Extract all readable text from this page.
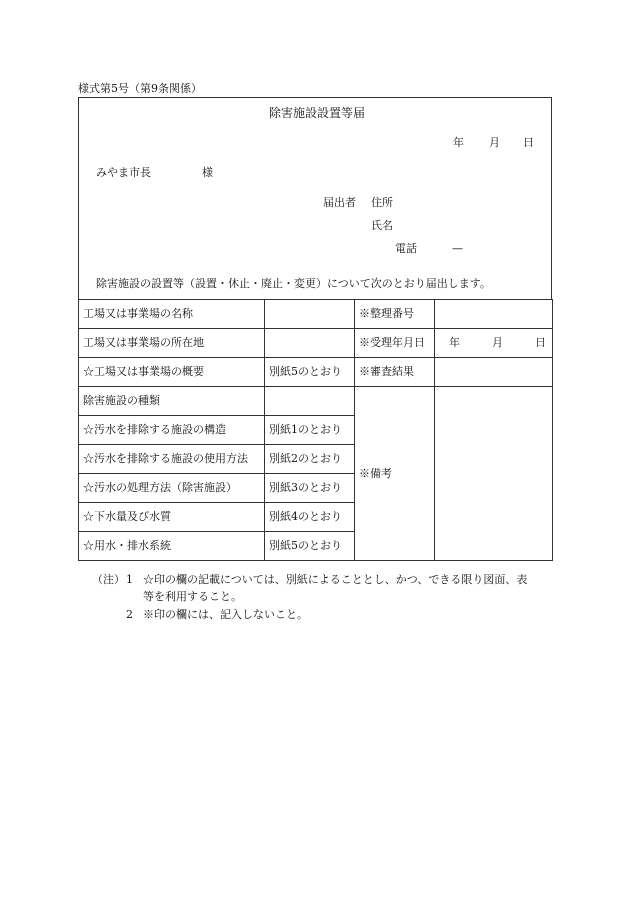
様式第5号（第9条関係）
除害施設設置等届
年 月 日
みやま市長	様
届出者 住所
氏名
電話	—
除害施設の設置等（設置・休止・廃止・変更）について次のとおり届出します。
工場又は事業場の名称		※整理番号	
工場又は事業場の所在地		※受理年月日	年 月 日

☆工場又は事業場の概要	別紙5のとおり	※審査結果	
除害施設の種類		※備考	
☆汚水を排除する施設の構造	別紙1のとおり		
☆汚水を排除する施設の使用方法	別紙2のとおり		
☆汚水の処理方法（除害施設）	別紙3のとおり		
☆下水量及び水質	別紙4のとおり		
☆用水・排水系統	別紙5のとおり		
（注） 1 ☆印の欄の記載については、別紙によることとし、かつ、できる限り図面、表
等を利用すること。
2 ※印の欄には、記入しないこと。
